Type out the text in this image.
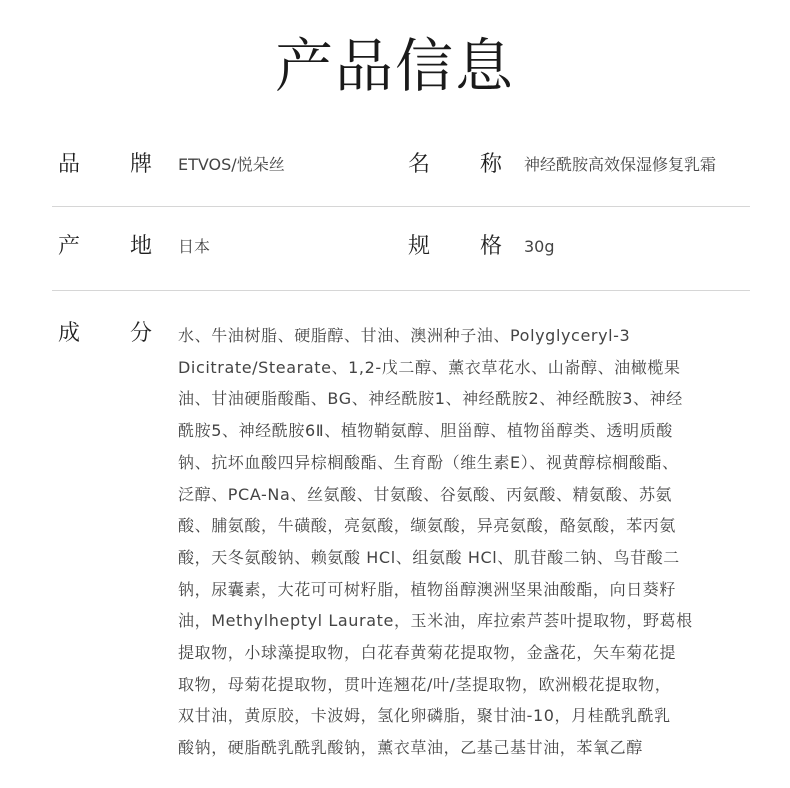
产品信息
品 牌 ETVOS/悦朵丝	名 称 神经酰胺高效保湿修复乳霜
产 地 日本	规 格 30g
成 分 水、牛油树脂、硬脂醇、甘油、澳洲种子油、Polyglyceryl-3
Dicitrate/Stearate、1,2-戊二醇、薰衣草花水、山嵛醇、油橄榄果
油、甘油硬脂酸酯、BG、神经酰胺1、神经酰胺2、神经酰胺3、神经
酰胺5、神经酰胺6Ⅱ、植物鞘氨醇、胆甾醇、植物甾醇类、透明质酸
钠、抗坏血酸四异棕榈酸酯、生育酚（维生素E）、视黄醇棕榈酸酯、
泛醇、PCA-Na、丝氨酸、甘氨酸、谷氨酸、丙氨酸、精氨酸、苏氨
酸、脯氨酸，牛磺酸，亮氨酸，缬氨酸，异亮氨酸，酪氨酸，苯丙氨
酸，天冬氨酸钠、赖氨酸 HCl、组氨酸 HCl、肌苷酸二钠、鸟苷酸二
钠，尿囊素，大花可可树籽脂，植物甾醇澳洲坚果油酸酯，向日葵籽
油，Methylheptyl Laurate，玉米油，库拉索芦荟叶提取物，野葛根
提取物，小球藻提取物，白花春黄菊花提取物，金盏花，矢车菊花提
取物，母菊花提取物，贯叶连翘花/叶/茎提取物，欧洲椴花提取物，
双甘油，黄原胶，卡波姆，氢化卵磷脂，聚甘油-10，月桂酰乳酰乳
酸钠，硬脂酰乳酰乳酸钠，薰衣草油，乙基己基甘油，苯氧乙醇
